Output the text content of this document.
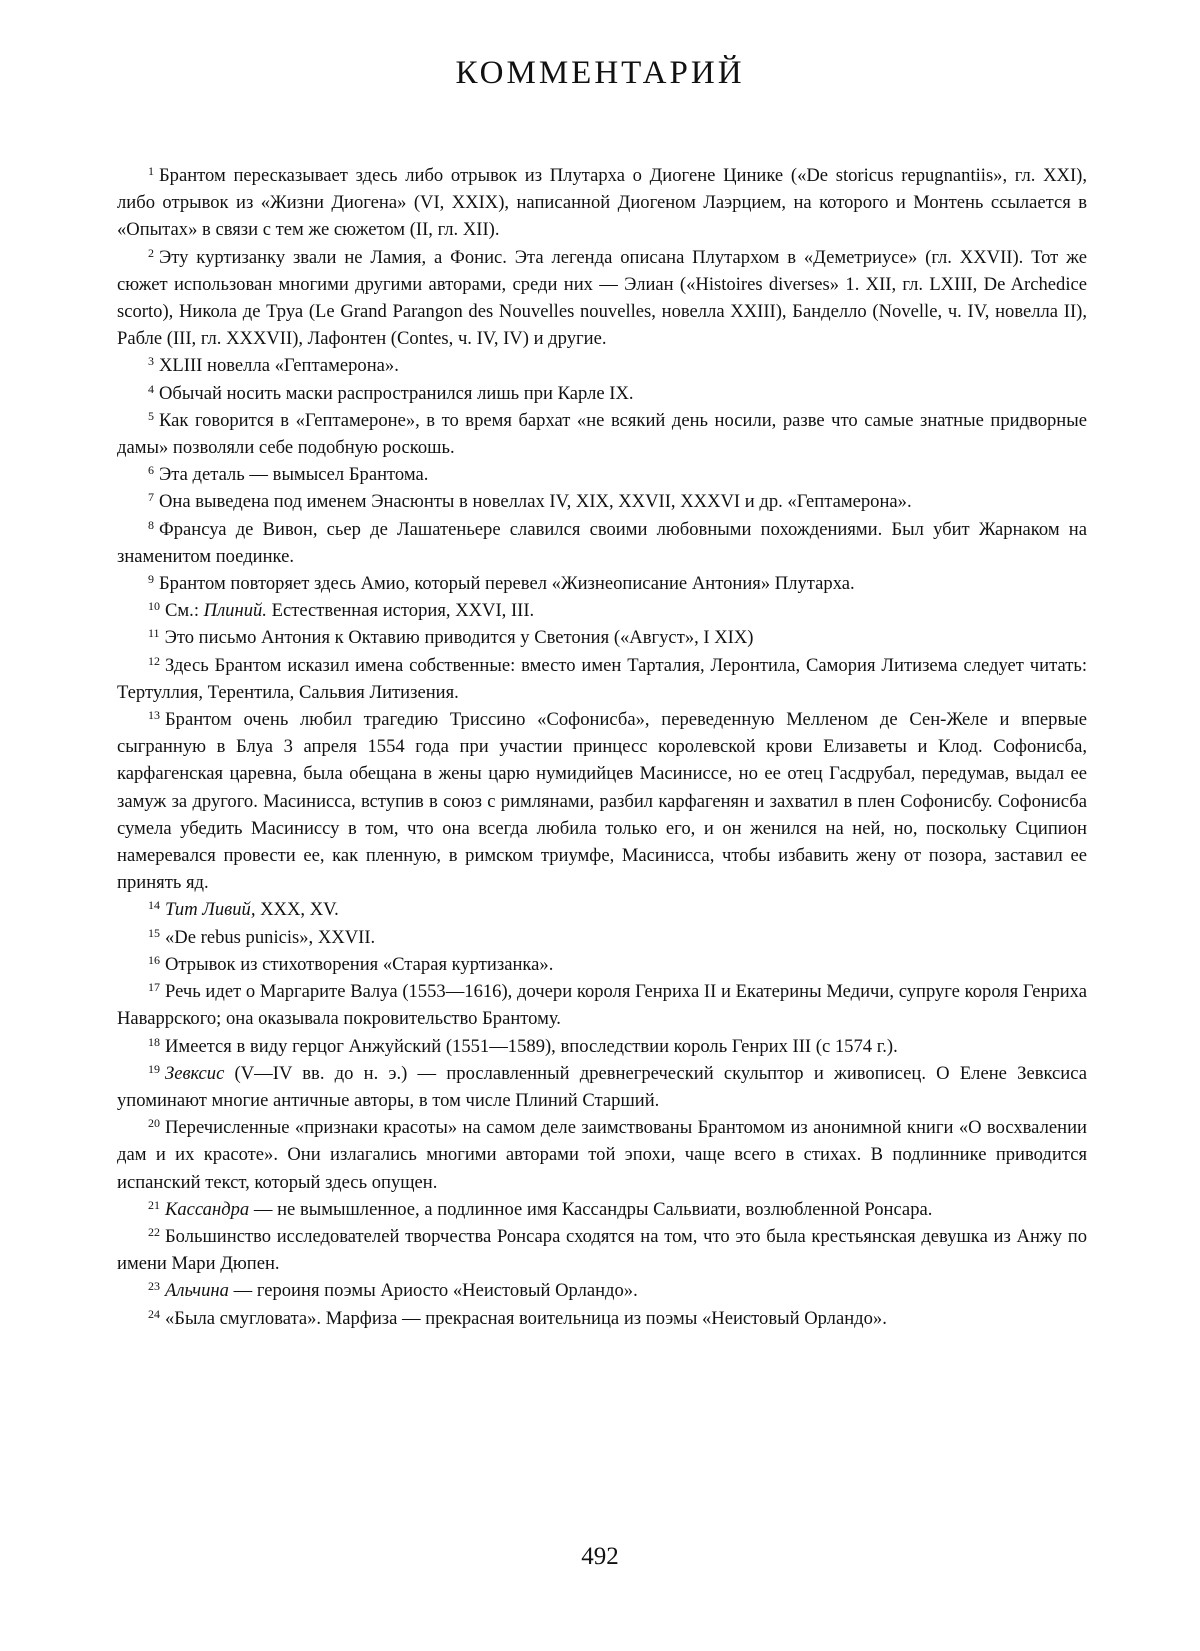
КОММЕНТАРИЙ

$^1$ Брантом пересказывает здесь либо отрывок из Плутарха о Диогене Цинике («De storicus repugnantiis», гл. XXI), либо отрывок из «Жизни Диогена» (VI, XXIX), написанной Диогеном Лаэрцием, на которого и Монтень ссылается в «Опытах» в связи с тем же сюжетом (II, гл. XII).

$^2$ Эту куртизанку звали не Ламия, а Фонис. Эта легенда описана Плутархом в «Деметриусе» (гл. XXVII). Тот же сюжет использован многими другими авторами, среди них — Элиан («Histoires diverses» 1. XII, гл. LXIII, De Archedice scorto), Никола де Труа (Le Grand Parangon des Nouvelles nouvelles, новелла XXIII), Банделло (Novelle, ч. IV, новелла II), Рабле (III, гл. XXXVII), Лафонтен (Contes, ч. IV, IV) и другие.

$^3$ XLIII новелла «Гептамерона».

$^4$ Обычай носить маски распространился лишь при Карле IX.

$^5$ Как говорится в «Гептамероне», в то время бархат «не всякий день носили, разве что самые знатные придворные дамы» позволяли себе подобную роскошь.

$^6$ Эта деталь — вымысел Брантома.

$^7$ Она выведена под именем Энасюнты в новеллах IV, XIX, XXVII, XXXVI и др. «Гептамерона».

$^8$ Франсуа де Вивон, сьер де Лашатеньере славился своими любовными похождениями. Был убит Жарнаком на знаменитом поединке.

$^9$ Брантом повторяет здесь Амио, который перевел «Жизнеописание Антония» Плутарха.

$^{10}$ См.: Плиний. Естественная история, XXVI, III.

$^{11}$ Это письмо Антония к Октавию приводится у Светония («Август», I XIX)

$^{12}$ Здесь Брантом исказил имена собственные: вместо имен Тарталия, Леронтила, Самория Литизема следует читать: Тертуллия, Терентила, Сальвия Литизения.

$^{13}$ Брантом очень любил трагедию Триссино «Софонисба», переведенную Мелленом де Сен-Желе и впервые сыгранную в Блуа 3 апреля 1554 года при участии принцесс королевской крови Елизаветы и Клод. Софонисба, карфагенская царевна, была обещана в жены царю нумидийцев Масиниссе, но ее отец Гасдрубал, передумав, выдал ее замуж за другого. Масинисса, вступив в союз с римлянами, разбил карфагенян и захватил в плен Софонисбу. Софонисба сумела убедить Масиниссу в том, что она всегда любила только его, и он женился на ней, но, поскольку Сципион намеревался провести ее, как пленную, в римском триумфе, Масинисса, чтобы избавить жену от позора, заставил ее принять яд.

$^{14}$ Тит Ливий, XXX, XV.

$^{15}$ «De rebus punicis», XXVII.

$^{16}$ Отрывок из стихотворения «Старая куртизанка».

$^{17}$ Речь идет о Маргарите Валуа (1553—1616), дочери короля Генриха II и Екатерины Медичи, супруге короля Генриха Наваррского; она оказывала покровительство Брантому.

$^{18}$ Имеется в виду герцог Анжуйский (1551—1589), впоследствии король Генрих III (с 1574 г.).

$^{19}$ Зевксис (V—IV вв. до н. э.) — прославленный древнегреческий скульптор и живописец. О Елене Зевксиса упоминают многие античные авторы, в том числе Плиний Старший.

$^{20}$ Перечисленные «признаки красоты» на самом деле заимствованы Брантомом из анонимной книги «О восхвалении дам и их красоте». Они излагались многими авторами той эпохи, чаще всего в стихах. В подлиннике приводится испанский текст, который здесь опущен.

$^{21}$ Кассандра — не вымышленное, а подлинное имя Кассандры Сальвиати, возлюбленной Ронсара.

$^{22}$ Большинство исследователей творчества Ронсара сходятся на том, что это была крестьянская девушка из Анжу по имени Мари Дюпен.

$^{23}$ Альчина — героиня поэмы Ариосто «Неистовый Орландо».

$^{24}$ «Была смугловата». Марфиза — прекрасная воительница из поэмы «Неистовый Орландо».

492
